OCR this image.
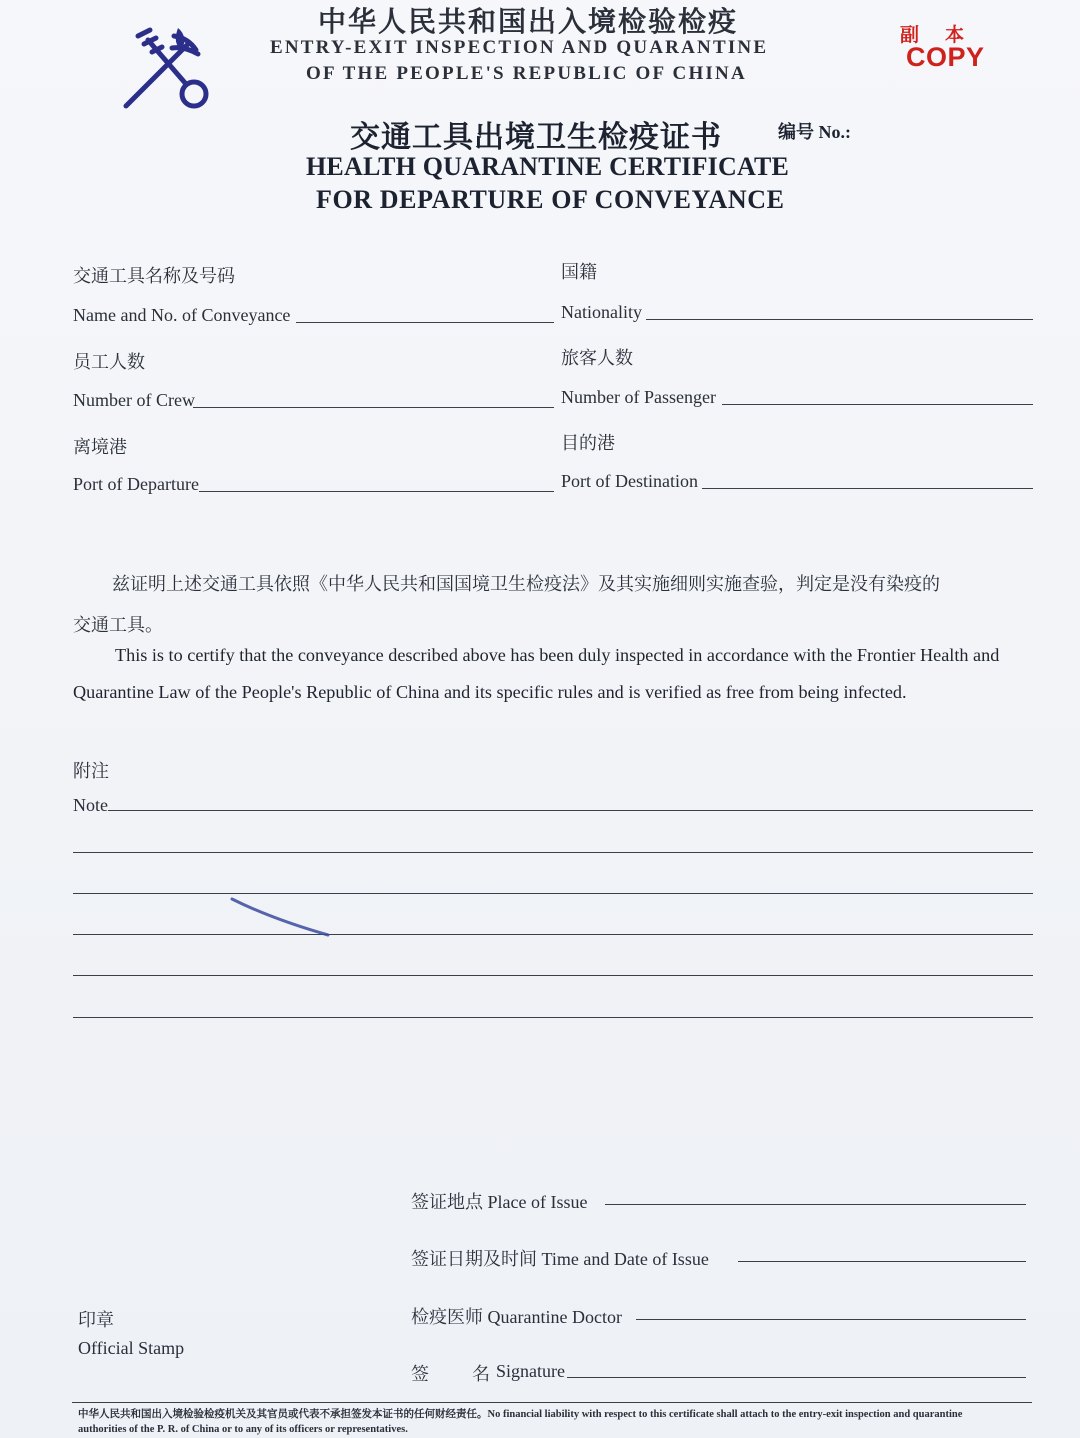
中华人民共和国出入境检验检疫
ENTRY-EXIT INSPECTION AND QUARANTINE
OF THE PEOPLE'S REPUBLIC OF CHINA
副本
COPY
交通工具出境卫生检疫证书	编号 No.:
HEALTH QUARANTINE CERTIFICATE
FOR DEPARTURE OF CONVEYANCE
交通工具名称及号码
Name and No. of Conveyance
员工人数
Number of Crew
离境港
Port of Departure
国籍
Nationality
旅客人数
Number of Passenger
目的港
Port of Destination
兹证明上述交通工具依照《中华人民共和国国境卫生检疫法》及其实施细则实施查验，判定是没有染疫的
交通工具。
This is to certify that the conveyance described above has been duly inspected in accordance with the Frontier Health and
Quarantine Law of the People's Republic of China and its specific rules and is verified as free from being infected.
附注
Note
签证地点 Place of Issue
签证日期及时间 Time and Date of Issue
检疫医师 Quarantine Doctor
签 名 Signature
印章
Official Stamp
中华人民共和国出入境检验检疫机关及其官员或代表不承担签发本证书的任何财经责任。No financial liability with respect to this certificate shall attach to the entry-exit inspection and quarantine
authorities of the P. R. of China or to any of its officers or representatives.
